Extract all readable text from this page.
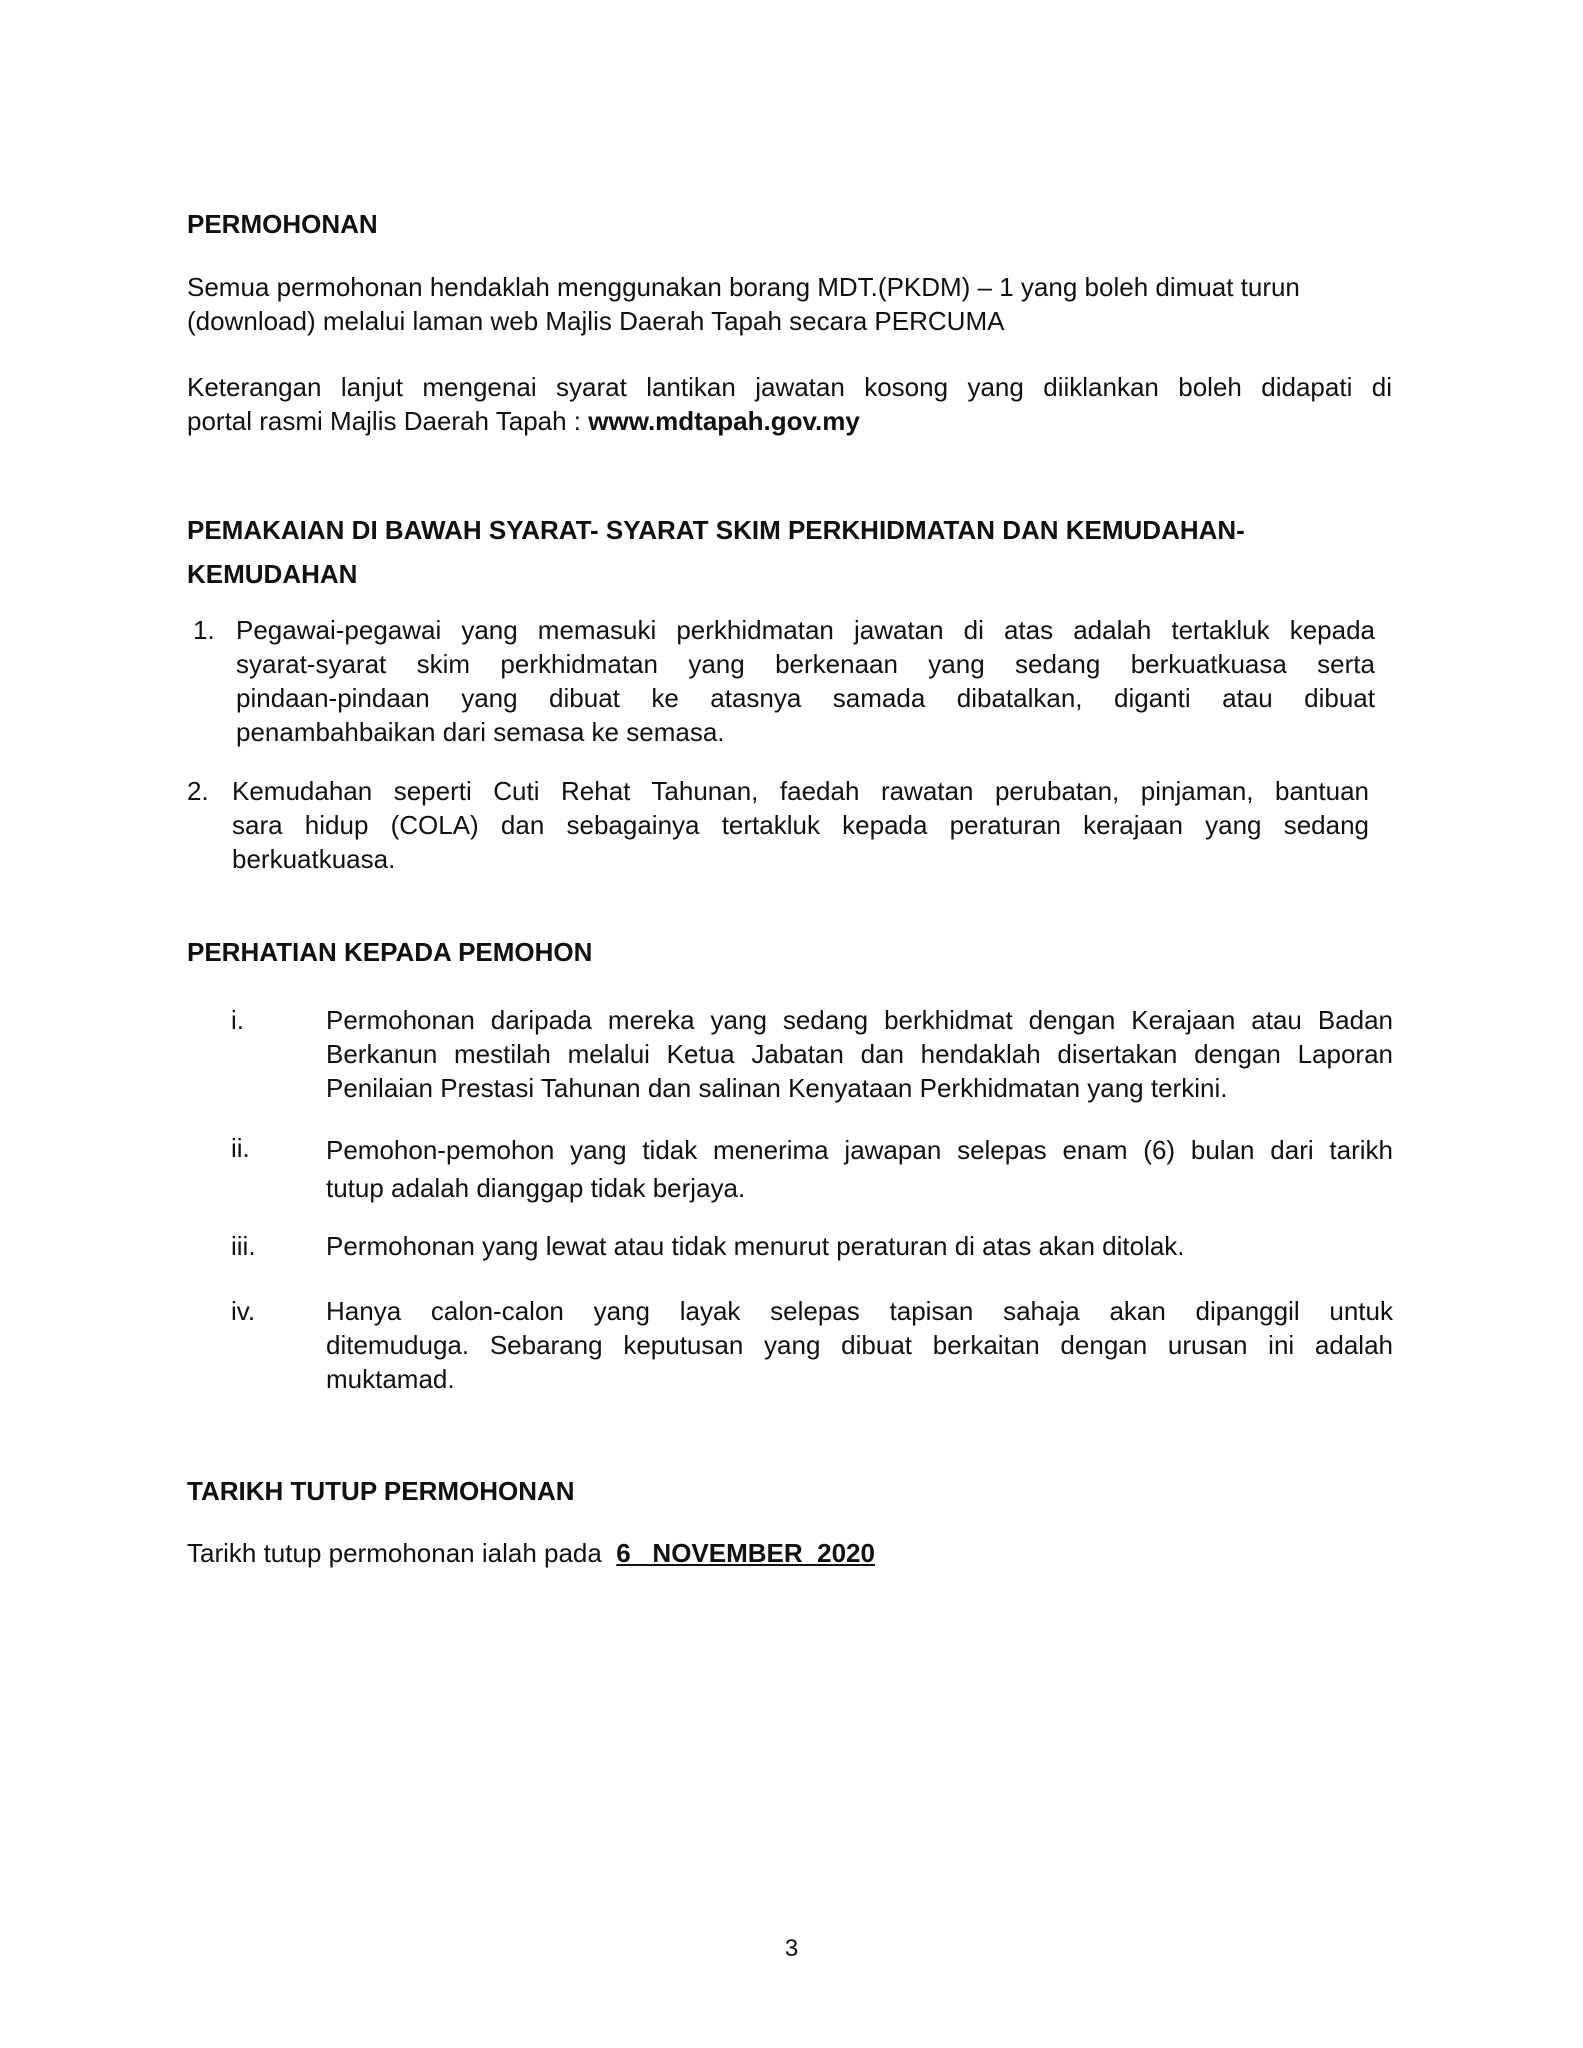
PERMOHONAN

Semua permohonan hendaklah menggunakan borang MDT.(PKDM) – 1 yang boleh dimuat turun
(download) melalui laman web Majlis Daerah Tapah secara PERCUMA

Keterangan lanjut mengenai syarat lantikan jawatan kosong yang diiklankan boleh didapati di
portal rasmi Majlis Daerah Tapah : www.mdtapah.gov.my

PEMAKAIAN DI BAWAH SYARAT- SYARAT SKIM PERKHIDMATAN DAN KEMUDAHAN-
KEMUDAHAN
1. Pegawai-pegawai yang memasuki perkhidmatan jawatan di atas adalah tertakluk kepada
syarat-syarat skim perkhidmatan yang berkenaan yang sedang berkuatkuasa serta
pindaan-pindaan yang dibuat ke atasnya samada dibatalkan, diganti atau dibuat
penambahbaikan dari semasa ke semasa.
2. Kemudahan seperti Cuti Rehat Tahunan, faedah rawatan perubatan, pinjaman, bantuan
sara hidup (COLA) dan sebagainya tertakluk kepada peraturan kerajaan yang sedang
berkuatkuasa.
PERHATIAN KEPADA PEMOHON
i.	Permohonan daripada mereka yang sedang berkhidmat dengan Kerajaan atau Badan
Berkanun mestilah melalui Ketua Jabatan dan hendaklah disertakan dengan Laporan
Penilaian Prestasi Tahunan dan salinan Kenyataan Perkhidmatan yang terkini.
ii.	Pemohon-pemohon yang tidak menerima jawapan selepas enam (6) bulan dari tarikh
tutup adalah dianggap tidak berjaya.
iii.	Permohonan yang lewat atau tidak menurut peraturan di atas akan ditolak.
iv.	Hanya calon-calon yang layak selepas tapisan sahaja akan dipanggil untuk
ditemuduga. Sebarang keputusan yang dibuat berkaitan dengan urusan ini adalah
muktamad.
TARIKH TUTUP PERMOHONAN

Tarikh tutup permohonan ialah pada  6   NOVEMBER  2020

3
